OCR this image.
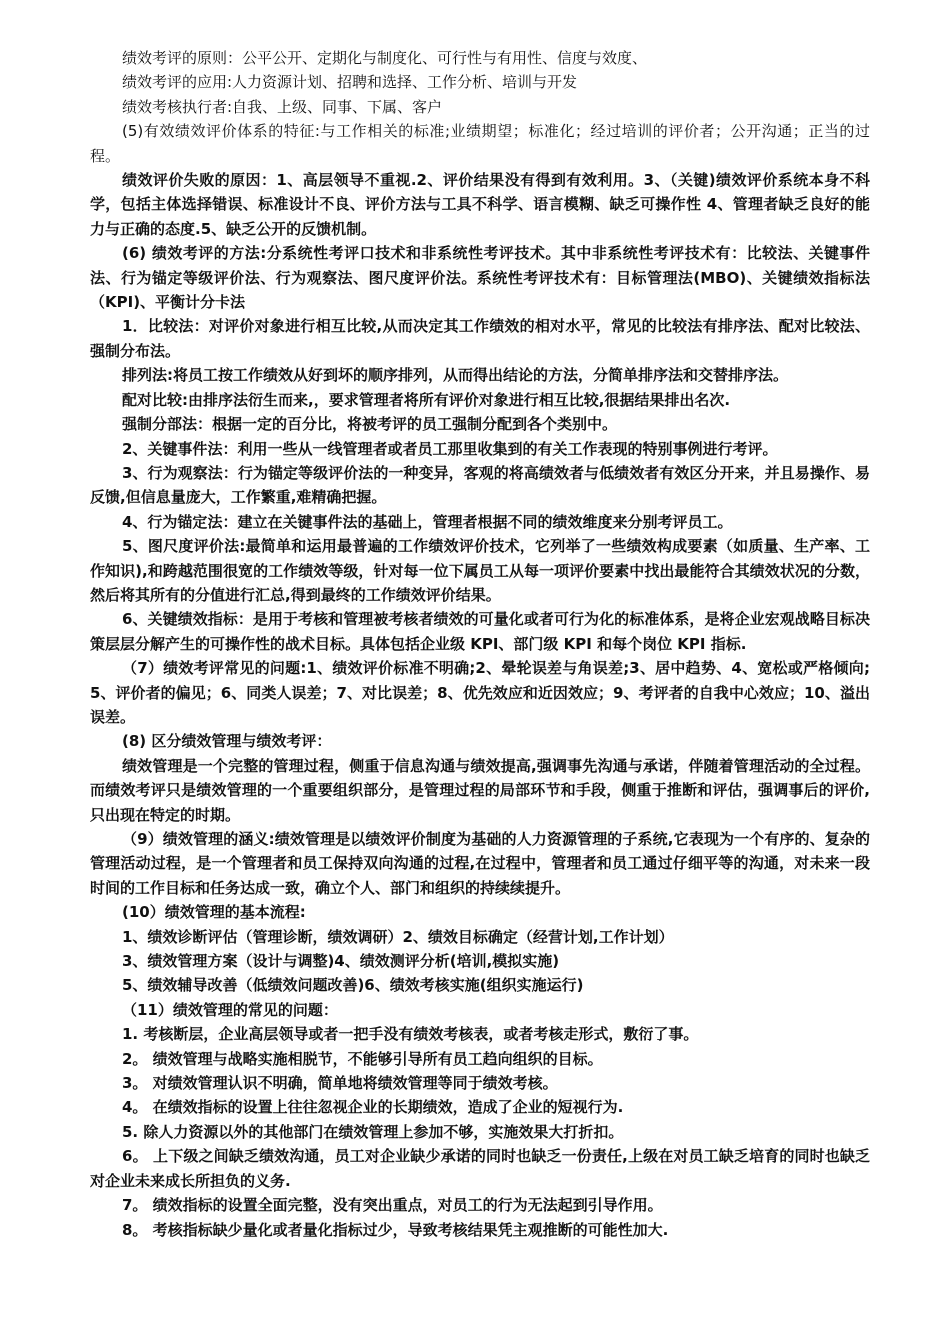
绩效考评的原则：公平公开、定期化与制度化、可行性与有用性、信度与效度、

绩效考评的应用:人力资源计划、招聘和选择、工作分析、培训与开发

绩效考核执行者:自我、上级、同事、下属、客户

(5)有效绩效评价体系的特征:与工作相关的标准;业绩期望；标准化；经过培训的评价者；公开沟通；正当的过程。

绩效评价失败的原因：1、高层领导不重视.2、评价结果没有得到有效利用。3、（关键)绩效评价系统本身不科学，包括主体选择错误、标准设计不良、评价方法与工具不科学、语言模糊、缺乏可操作性 4、管理者缺乏良好的能力与正确的态度.5、缺乏公开的反馈机制。

(6) 绩效考评的方法:分系统性考评口技术和非系统性考评技术。其中非系统性考评技术有：比较法、关键事件法、行为锚定等级评价法、行为观察法、图尺度评价法。系统性考评技术有：目标管理法(MBO)、关键绩效指标法（KPI)、平衡计分卡法

1．比较法：对评价对象进行相互比较,从而决定其工作绩效的相对水平，常见的比较法有排序法、配对比较法、强制分布法。

排列法:将员工按工作绩效从好到坏的顺序排列，从而得出结论的方法，分简单排序法和交替排序法。

配对比较:由排序法衍生而来,，要求管理者将所有评价对象进行相互比较,很据结果排出名次.

强制分部法：根据一定的百分比，将被考评的员工强制分配到各个类别中。

2、关键事件法：利用一些从一线管理者或者员工那里收集到的有关工作表现的特别事例进行考评。

3、行为观察法：行为锚定等级评价法的一种变异，客观的将高绩效者与低绩效者有效区分开来，并且易操作、易反馈,但信息量庞大，工作繁重,难精确把握。

4、行为锚定法：建立在关键事件法的基础上，管理者根据不同的绩效维度来分别考评员工。

5、图尺度评价法:最简单和运用最普遍的工作绩效评价技术，它列举了一些绩效构成要素（如质量、生产率、工作知识),和跨越范围很宽的工作绩效等级，针对每一位下属员工从每一项评价要素中找出最能符合其绩效状况的分数，然后将其所有的分值进行汇总,得到最终的工作绩效评价结果。

6、关键绩效指标：是用于考核和管理被考核者绩效的可量化或者可行为化的标准体系，是将企业宏观战略目标决策层层分解产生的可操作性的战术目标。具体包括企业级 KPI、部门级 KPI 和每个岗位 KPI 指标.

（7）绩效考评常见的问题:1、绩效评价标准不明确;2、晕轮误差与角误差;3、居中趋势、4、宽松或严格倾向;5、评价者的偏见；6、同类人误差；7、对比误差；8、优先效应和近因效应；9、考评者的自我中心效应；10、溢出误差。

(8) 区分绩效管理与绩效考评：

绩效管理是一个完整的管理过程，侧重于信息沟通与绩效提高,强调事先沟通与承诺，伴随着管理活动的全过程。而绩效考评只是绩效管理的一个重要组织部分，是管理过程的局部环节和手段，侧重于推断和评估，强调事后的评价,只出现在特定的时期。

（9）绩效管理的涵义:绩效管理是以绩效评价制度为基础的人力资源管理的子系统,它表现为一个有序的、复杂的管理活动过程，是一个管理者和员工保持双向沟通的过程,在过程中，管理者和员工通过仔细平等的沟通，对未来一段时间的工作目标和任务达成一致，确立个人、部门和组织的持续续提升。

(10）绩效管理的基本流程:

1、绩效诊断评估（管理诊断，绩效调研）2、绩效目标确定（经营计划,工作计划）

3、绩效管理方案（设计与调整)4、绩效测评分析(培训,模拟实施)

5、绩效辅导改善（低绩效问题改善)6、绩效考核实施(组织实施运行)

（11）绩效管理的常见的问题：

1. 考核断层，企业高层领导或者一把手没有绩效考核表，或者考核走形式，敷衍了事。

2。 绩效管理与战略实施相脱节，不能够引导所有员工趋向组织的目标。

3。 对绩效管理认识不明确，简单地将绩效管理等同于绩效考核。

4。 在绩效指标的设置上往往忽视企业的长期绩效，造成了企业的短视行为.

5. 除人力资源以外的其他部门在绩效管理上参加不够，实施效果大打折扣。

6。 上下级之间缺乏绩效沟通，员工对企业缺少承诺的同时也缺乏一份责任,上级在对员工缺乏培育的同时也缺乏对企业未来成长所担负的义务.

7。 绩效指标的设置全面完整，没有突出重点，对员工的行为无法起到引导作用。

8。 考核指标缺少量化或者量化指标过少，导致考核结果凭主观推断的可能性加大.
